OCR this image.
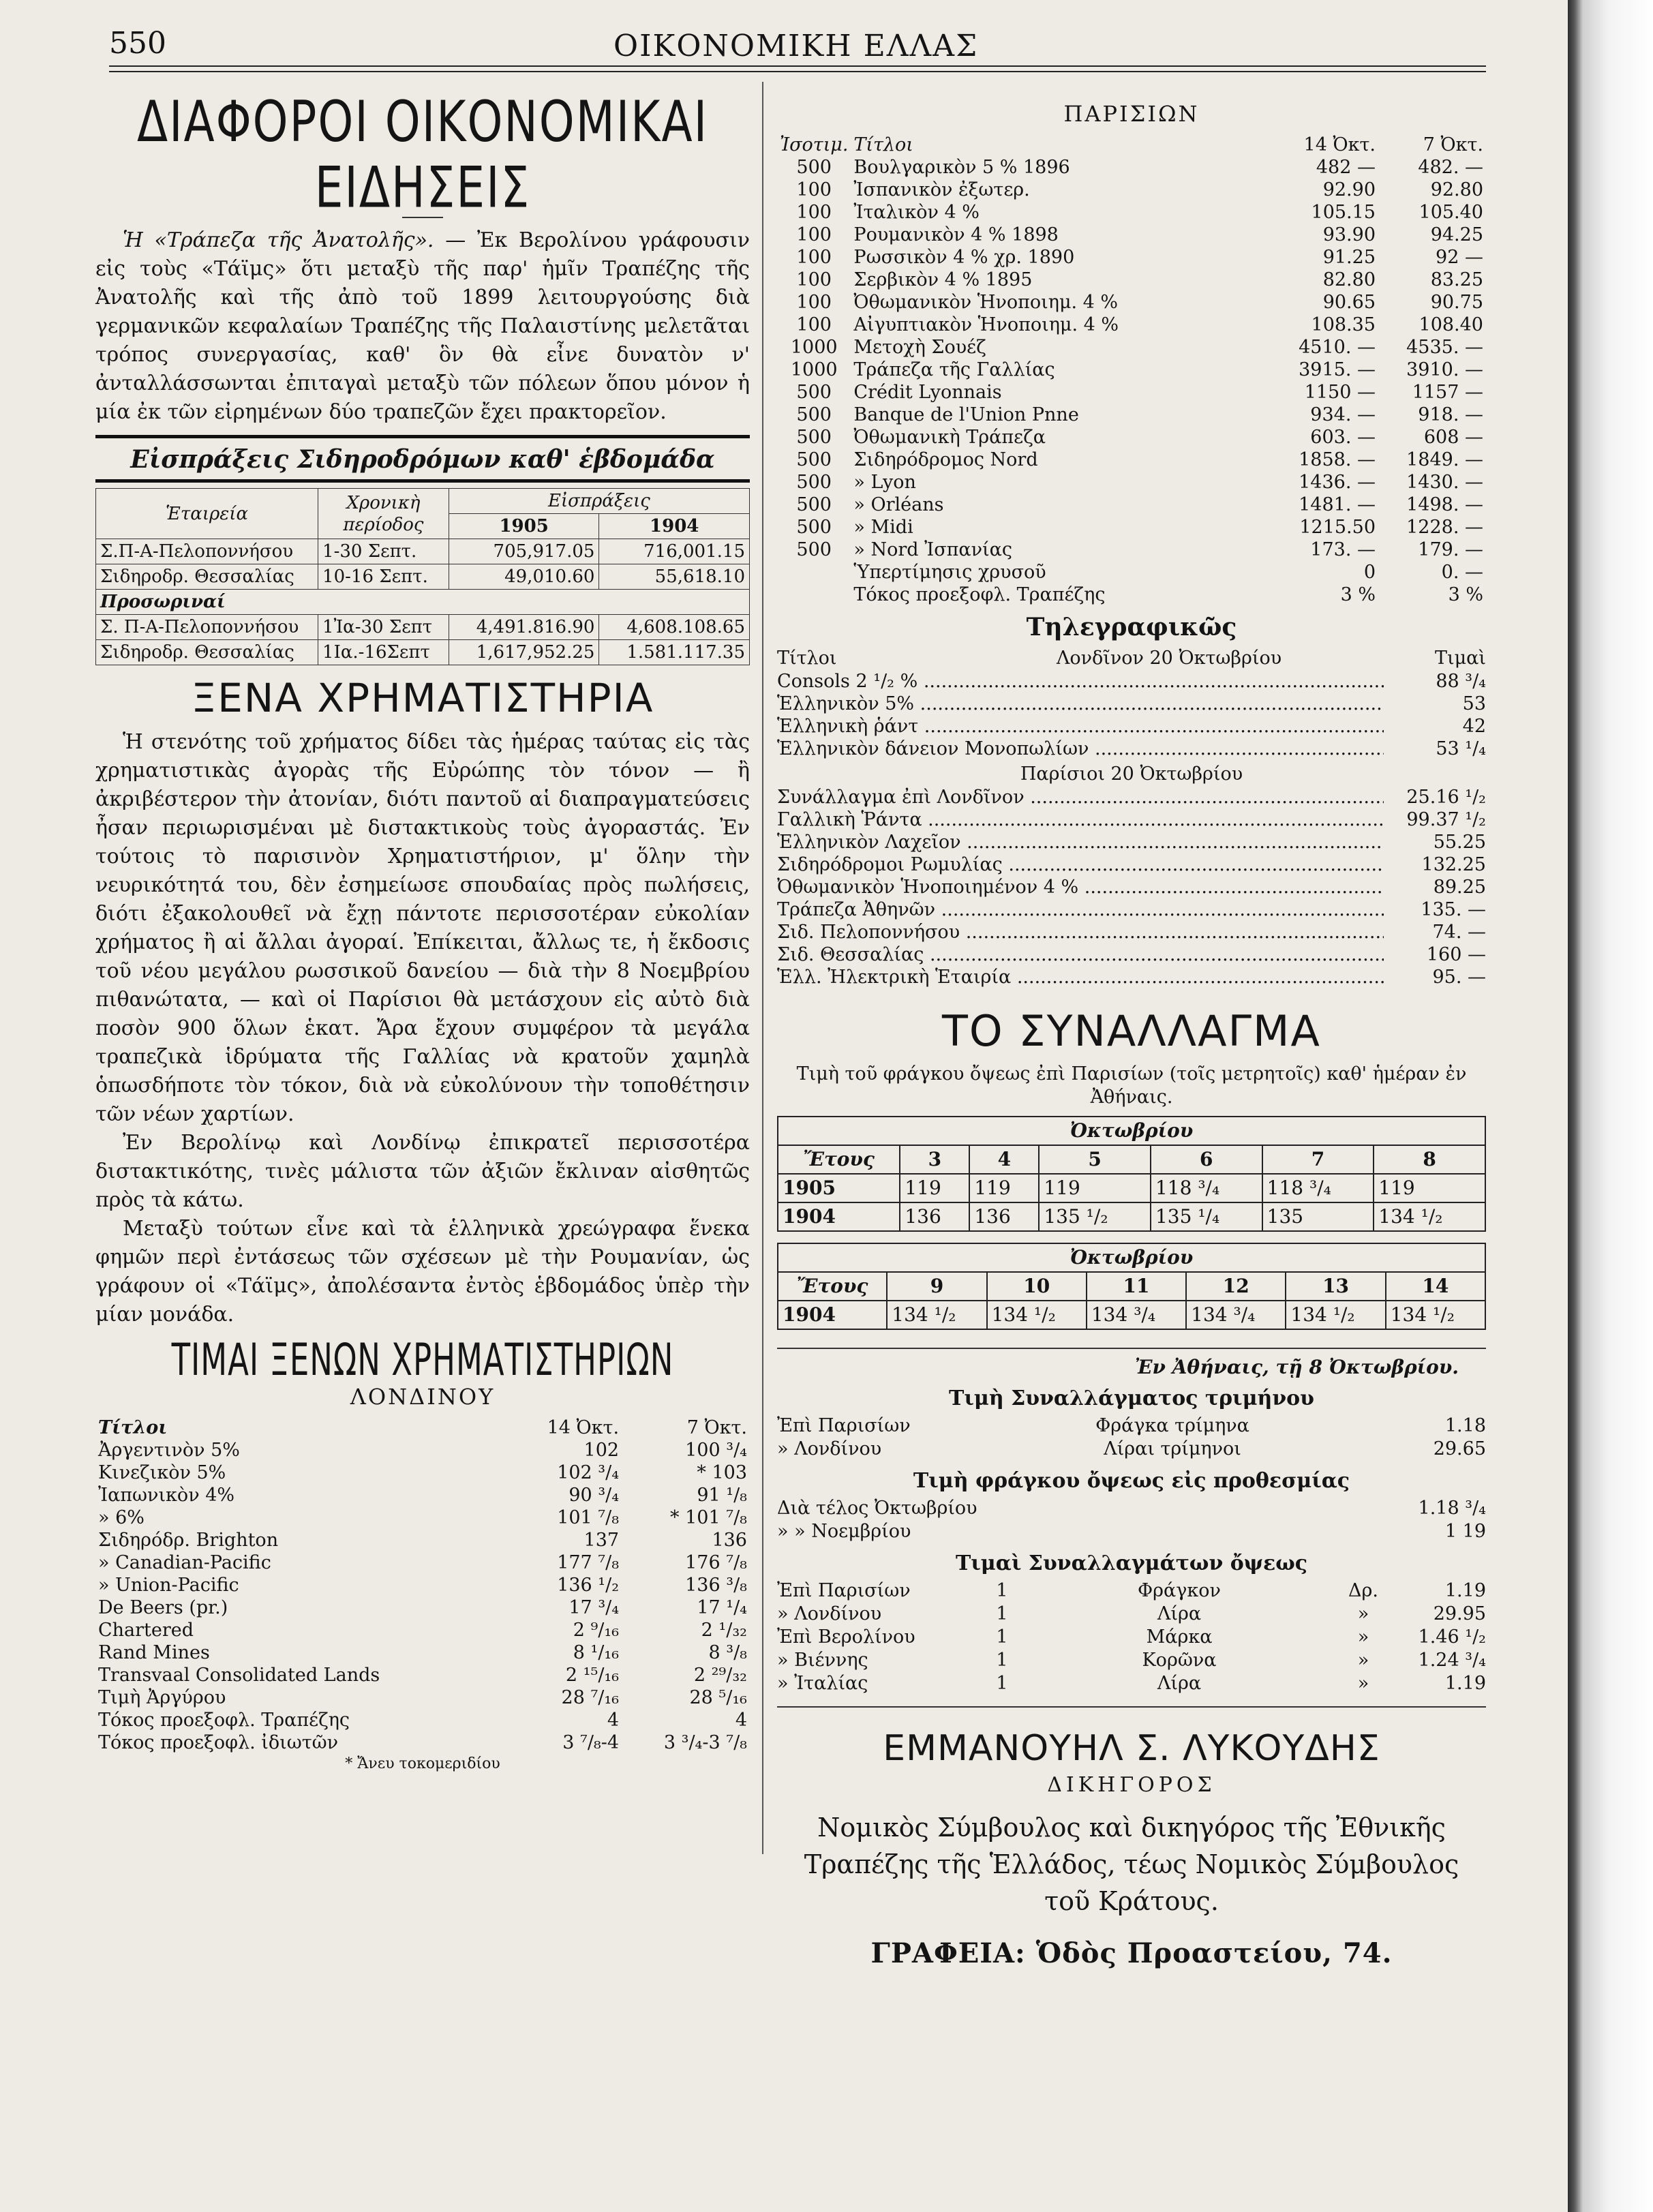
550	ΟΙΚΟΝΟΜΙΚΗ ΕΛΛΑΣ
ΔΙΑΦΟΡΟΙ ΟΙΚΟΝΟΜΙΚΑΙ ΕΙΔΗΣΕΙΣ

Ἡ «Τράπεζα τῆς Ἀνατολῆς». — Ἐκ Βερολίνου γράφουσιν εἰς τοὺς «Τάϊμς» ὅτι μεταξὺ τῆς παρ' ἡμῖν Τραπέζης τῆς Ἀνατολῆς καὶ τῆς ἀπὸ τοῦ 1899 λειτουργούσης διὰ γερμανικῶν κεφαλαίων Τραπέζης τῆς Παλαιστίνης μελετᾶται τρόπος συνεργασίας, καθ' ὃν θὰ εἶνε δυνατὸν ν' ἀνταλλάσσωνται ἐπιταγαὶ μεταξὺ τῶν πόλεων ὅπου μόνον ἡ μία ἐκ τῶν εἰρημένων δύο τραπεζῶν ἔχει πρακτορεῖον.

Εἰσπράξεις Σιδηροδρόμων καθ' ἑβδομάδα
Ἑταιρεία	Χρονικὴ περίοδος	Εἰσπράξεις	
		1905	1904
Σ.Π-Α-Πελοποννήσου	1-30 Σεπτ.	705,917.05	716,001.15
Σιδηροδρ. Θεσσαλίας	10-16 Σεπτ.	49,010.60	55,618.10
Προσωριναί			
Σ. Π-Α-Πελοποννήσου	1Ἰα-30 Σεπτ	4,491.816.90	4,608.108.65
Σιδηροδρ. Θεσσαλίας	1Ια.-16Σεπτ	1,617,952.25	1.581.117.35
ΞΕΝΑ ΧΡΗΜΑΤΙΣΤΗΡΙΑ

Ἡ στενότης τοῦ χρήματος δίδει τὰς ἡμέρας ταύτας εἰς τὰς χρηματιστικὰς ἀγορὰς τῆς Εὐρώπης τὸν τόνον — ἢ ἀκριβέστερον τὴν ἀτονίαν, διότι παντοῦ αἱ διαπραγματεύσεις ἦσαν περιωρισμέναι μὲ διστακτικοὺς τοὺς ἀγοραστάς. Ἐν τούτοις τὸ παρισινὸν Χρηματιστήριον, μ' ὅλην τὴν νευρικότητά του, δὲν ἐσημείωσε σπουδαίας πρὸς πωλήσεις, διότι ἐξακολουθεῖ νὰ ἔχῃ πάντοτε περισσοτέραν εὐκολίαν χρήματος ἢ αἱ ἄλλαι ἀγοραί. Ἐπίκειται, ἄλλως τε, ἡ ἔκδοσις τοῦ νέου μεγάλου ρωσσικοῦ δανείου — διὰ τὴν 8 Νοεμβρίου πιθανώτατα, — καὶ οἱ Παρίσιοι θὰ μετάσχουν εἰς αὐτὸ διὰ ποσὸν 900 ὅλων ἑκατ. Ἄρα ἔχουν συμφέρον τὰ μεγάλα τραπεζικὰ ἱδρύματα τῆς Γαλλίας νὰ κρατοῦν χαμηλὰ ὁπωσδήποτε τὸν τόκον, διὰ νὰ εὐκολύνουν τὴν τοποθέτησιν τῶν νέων χαρτίων.

Ἐν Βερολίνῳ καὶ Λονδίνῳ ἐπικρατεῖ περισσοτέρα διστακτικότης, τινὲς μάλιστα τῶν ἀξιῶν ἔκλιναν αἰσθητῶς πρὸς τὰ κάτω.

Μεταξὺ τούτων εἶνε καὶ τὰ ἑλληνικὰ χρεώγραφα ἕνεκα φημῶν περὶ ἐντάσεως τῶν σχέσεων μὲ τὴν Ρουμανίαν, ὡς γράφουν οἱ «Τάϊμς», ἀπολέσαντα ἐντὸς ἑβδομάδος ὑπὲρ τὴν μίαν μονάδα.

ΤΙΜΑΙ ΞΕΝΩΝ ΧΡΗΜΑΤΙΣΤΗΡΙΩΝ
ΛΟΝΔΙΝΟΥ
Τίτλοι	14 Ὀκτ.	7 Ὀκτ.
Ἀργεντινὸν 5%	102	100 ³/₄
Κινεζικὸν 5%	102 ³/₄	* 103
Ἰαπωνικὸν 4%	90 ³/₄	91 ¹/₈
» 6%	101 ⁷/₈	* 101 ⁷/₈
Σιδηρόδρ. Brighton	137	136
» Canadian-Pacific	177 ⁷/₈	176 ⁷/₈
» Union-Pacific	136 ¹/₂	136 ³/₈
De Beers (pr.)	17 ³/₄	17 ¹/₄
Chartered	2 ⁹/₁₆	2 ¹/₃₂
Rand Mines	8 ¹/₁₆	8 ³/₈
Transvaal Consolidated Lands	2 ¹⁵/₁₆	2 ²⁹/₃₂
Τιμὴ Ἀργύρου	28 ⁷/₁₆	28 ⁵/₁₆
Τόκος προεξοφλ. Τραπέζης	4	4
Τόκος προεξοφλ. ἰδιωτῶν	3 ⁷/₈-4	3 ³/₄-3 ⁷/₈
* Ἄνευ τοκομεριδίου
ΠΑΡΙΣΙΩΝ
Ἰσοτιμ.	Τίτλοι	14 Ὀκτ.	7 Ὀκτ.
500	Βουλγαρικὸν 5 % 1896	482 —	482. —
100	Ἰσπανικὸν ἐξωτερ.	92.90	92.80
100	Ἰταλικὸν 4 %	105.15	105.40
100	Ρουμανικὸν 4 % 1898	93.90	94.25
100	Ρωσσικὸν 4 % χρ. 1890	91.25	92 —
100	Σερβικὸν 4 % 1895	82.80	83.25
100	Ὀθωμανικὸν Ἡνοποιημ. 4 %	90.65	90.75
100	Αἰγυπτιακὸν Ἡνοποιημ. 4 %	108.35	108.40
1000	Μετοχὴ Σουέζ	4510. —	4535. —
1000	Τράπεζα τῆς Γαλλίας	3915. —	3910. —
500	Crédit Lyonnais	1150 —	1157 —
500	Banque de l'Union Pnne	934. —	918. —
500	Ὀθωμανικὴ Τράπεζα	603. —	608 —
500	Σιδηρόδρομος Nord	1858. —	1849. —
500	» Lyon	1436. —	1430. —
500	» Orléans	1481. —	1498. —
500	» Midi	1215.50	1228. —
500	» Nord Ἰσπανίας	173. —	179. —
	Ὑπερτίμησις χρυσοῦ	0	0. —
	Τόκος προεξοφλ. Τραπέζης	3 %	3 %
Τηλεγραφικῶς
Τίτλοι	Λονδῖνον 20 Ὀκτωβρίου	Τιμαὶ
Consols 2 ¹/₂ % .....	88 ³/₄
Ἑλληνικὸν 5% .....	53
Ἑλληνικὴ ῥάντ .....	42
Ἑλληνικὸν δάνειον Μονοπωλίων .....	53 ¹/₄
Παρίσιοι 20 Ὀκτωβρίου
Συνάλλαγμα ἐπὶ Λονδῖνον .....	25.16 ¹/₂
Γαλλικὴ Ῥάντα .....	99.37 ¹/₂
Ἑλληνικὸν Λαχεῖον .....	55.25
Σιδηρόδρομοι Ρωμυλίας .....	132.25
Ὀθωμανικὸν Ἡνοποιημένον 4 % .....	89.25
Τράπεζα Ἀθηνῶν .....	135. —
Σιδ. Πελοποννήσου .....	74. —
Σιδ. Θεσσαλίας .....	160 —
Ἑλλ. Ἠλεκτρικὴ Ἑταιρία .....	95. —
ΤΟ ΣΥΝΑΛΛΑΓΜΑ
Τιμὴ τοῦ φράγκου ὄψεως ἐπὶ Παρισίων (τοῖς μετρητοῖς) καθ' ἡμέραν ἐν Ἀθήναις.
Ὀκτωβρίου						
Ἔτους	3	4	5	6	7	8
1905	119	119	119	118 ³/₄	118 ³/₄	119
1904	136	136	135 ¹/₂	135 ¹/₄	135	134 ¹/₂
Ὀκτωβρίου						
Ἔτους	9	10	11	12	13	14
1904	134 ¹/₂	134 ¹/₂	134 ³/₄	134 ³/₄	134 ¹/₂	134 ¹/₂
Ἐν Ἀθήναις, τῇ 8 Ὀκτωβρίου.
Τιμὴ Συναλλάγματος τριμήνου
Ἐπὶ Παρισίων	Φράγκα τρίμηνα	1.18
» Λονδίνου	Λίραι τρίμηνοι	29.65
Τιμὴ φράγκου ὄψεως εἰς προθεσμίας
Διὰ τέλος Ὀκτωβρίου	1.18 ³/₄
» » Νοεμβρίου	1 19
Τιμαὶ Συναλλαγμάτων ὄψεως
Ἐπὶ Παρισίων	1	Φράγκον	Δρ.	1.19
» Λονδίνου	1	Λίρα	»	29.95
Ἐπὶ Βερολίνου	1	Μάρκα	»	1.46 ¹/₂
» Βιέννης	1	Κορῶνα	»	1.24 ³/₄
» Ἰταλίας	1	Λίρα	»	1.19
ΕΜΜΑΝΟΥΗΛ Σ. ΛΥΚΟΥΔΗΣ
ΔΙΚΗΓΟΡΟΣ
Νομικὸς Σύμβουλος καὶ δικηγόρος τῆς Ἐθνικῆς Τραπέζης τῆς Ἑλλάδος, τέως Νομικὸς Σύμβουλος τοῦ Κράτους.
ΓΡΑΦΕΙΑ: Ὁδὸς Προαστείου, 74.
